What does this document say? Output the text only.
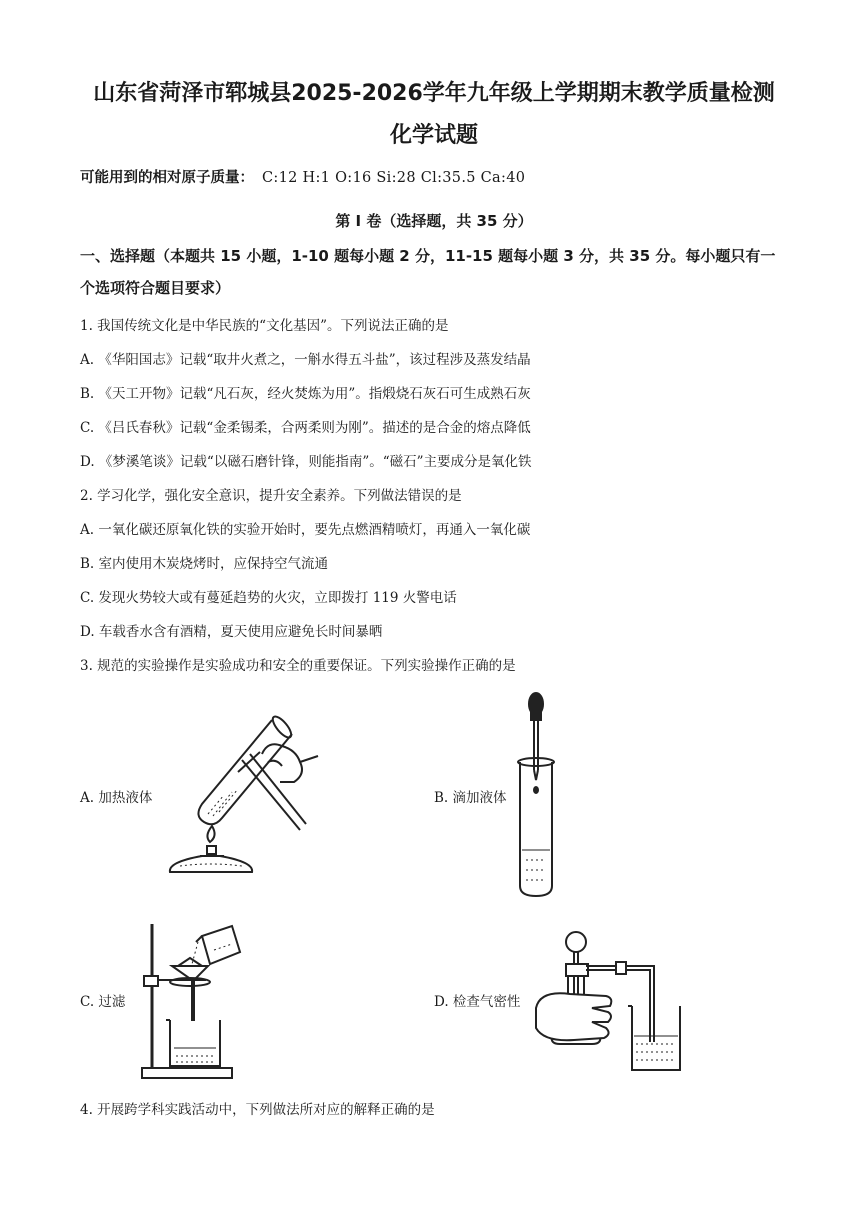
山东省菏泽市郓城县2025-2026学年九年级上学期期末教学质量检测
化学试题
可能用到的相对原子质量： C:12 H:1 O:16 Si:28 Cl:35.5 Ca:40
第 I 卷（选择题，共 35 分）
一、选择题（本题共 15 小题，1-10 题每小题 2 分，11-15 题每小题 3 分，共 35 分。每小题只有一个选项符合题目要求）
1. 我国传统文化是中华民族的“文化基因”。下列说法正确的是
A. 《华阳国志》记载“取井火煮之，一斛水得五斗盐”，该过程涉及蒸发结晶
B. 《天工开物》记载“凡石灰，经火焚炼为用”。指煅烧石灰石可生成熟石灰
C. 《吕氏春秋》记载“金柔锡柔，合两柔则为刚”。描述的是合金的熔点降低
D. 《梦溪笔谈》记载“以磁石磨针锋，则能指南”。“磁石”主要成分是氧化铁
2. 学习化学，强化安全意识，提升安全素养。下列做法错误的是
A. 一氧化碳还原氧化铁的实验开始时，要先点燃酒精喷灯，再通入一氧化碳
B. 室内使用木炭烧烤时，应保持空气流通
C. 发现火势较大或有蔓延趋势的火灾，立即拨打 119 火警电话
D. 车载香水含有酒精，夏天使用应避免长时间暴晒
3. 规范的实验操作是实验成功和安全的重要保证。下列实验操作正确的是
A. 加热液体	B. 滴加液体
C. 过滤	D. 检查气密性
4. 开展跨学科实践活动中，下列做法所对应的解释正确的是
